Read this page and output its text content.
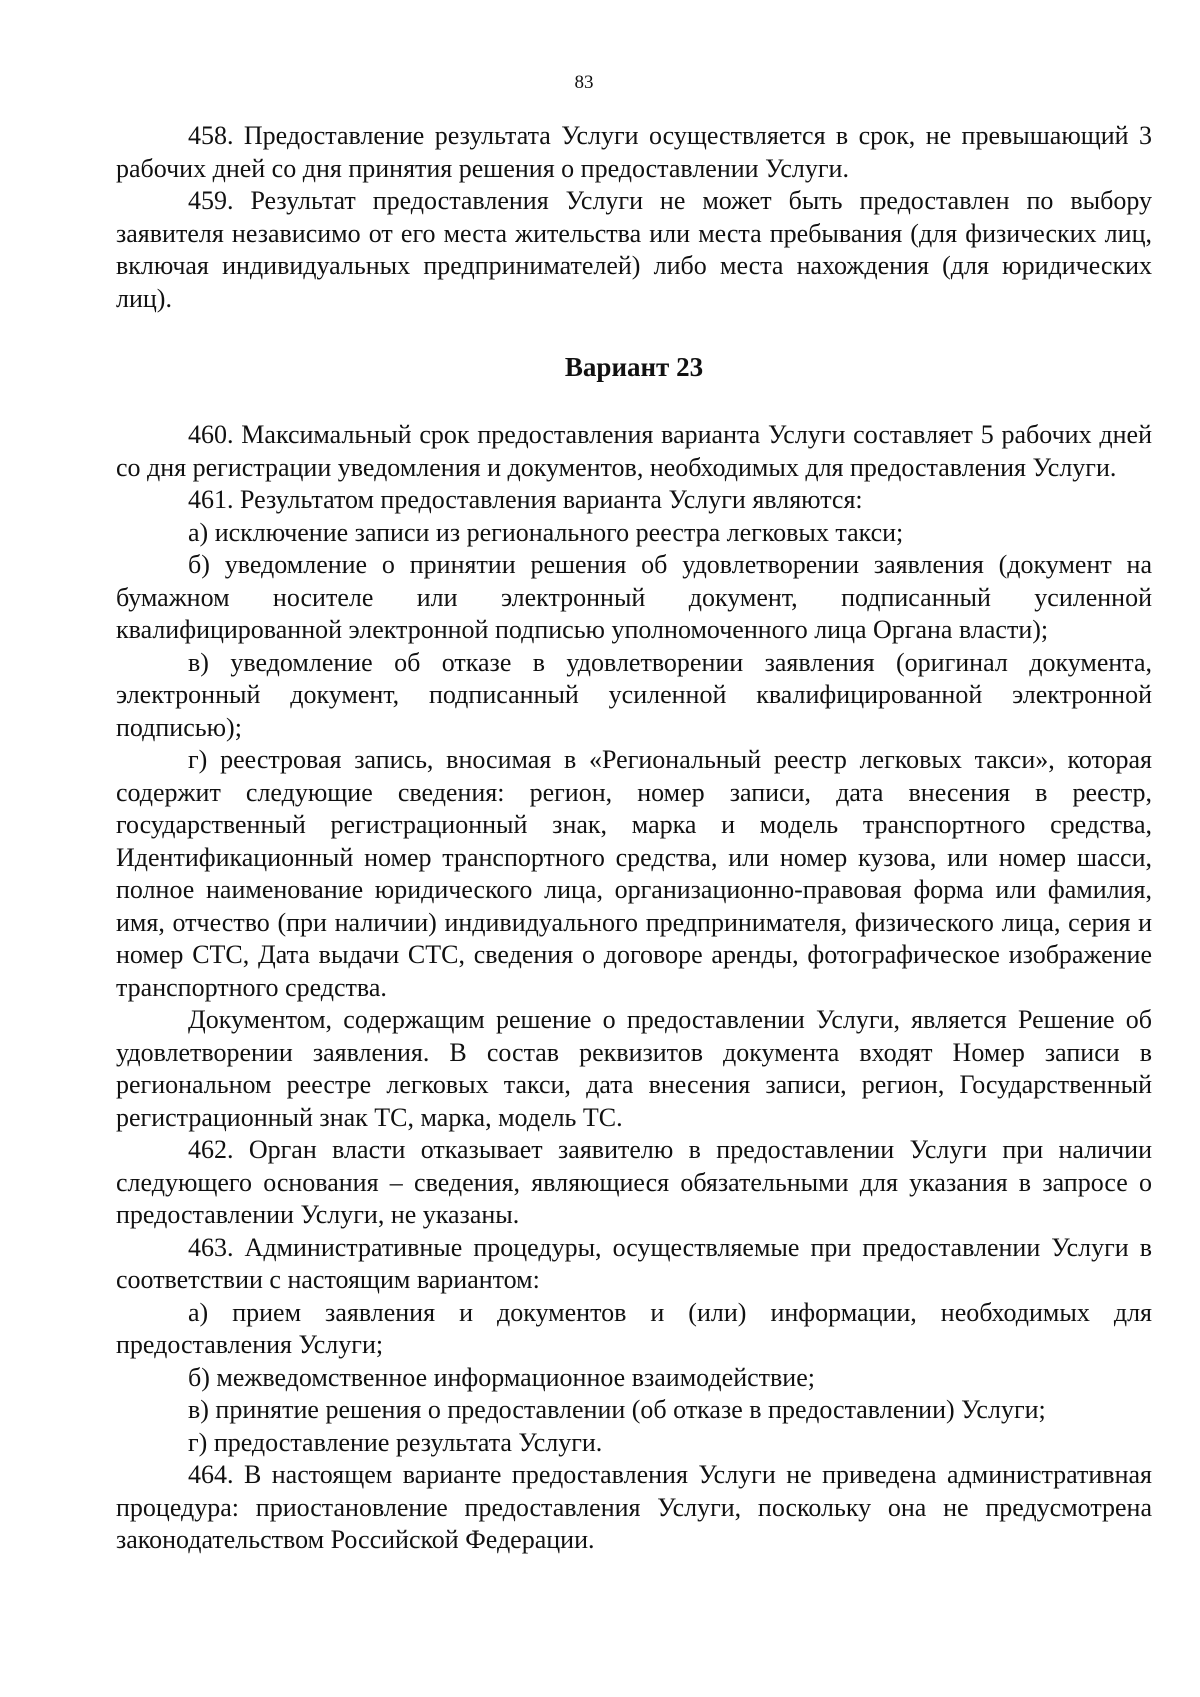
83

458. Предоставление результата Услуги осуществляется в срок, не превышающий 3 рабочих дней со дня принятия решения о предоставлении Услуги.

459. Результат предоставления Услуги не может быть предоставлен по выбору заявителя независимо от его места жительства или места пребывания (для физических лиц, включая индивидуальных предпринимателей) либо места нахождения (для юридических лиц).

Вариант 23

460. Максимальный срок предоставления варианта Услуги составляет 5 рабочих дней со дня регистрации уведомления и документов, необходимых для предоставления Услуги.

461. Результатом предоставления варианта Услуги являются:

а) исключение записи из регионального реестра легковых такси;

б) уведомление о принятии решения об удовлетворении заявления (документ на бумажном носителе или электронный документ, подписанный усиленной квалифицированной электронной подписью уполномоченного лица Органа власти);

в) уведомление об отказе в удовлетворении заявления (оригинал документа, электронный документ, подписанный усиленной квалифицированной электронной подписью);

г) реестровая запись, вносимая в «Региональный реестр легковых такси», которая содержит следующие сведения: регион, номер записи, дата внесения в реестр, государственный регистрационный знак, марка и модель транспортного средства, Идентификационный номер транспортного средства, или номер кузова, или номер шасси, полное наименование юридического лица, организационно-правовая форма или фамилия, имя, отчество (при наличии) индивидуального предпринимателя, физического лица, серия и номер СТС, Дата выдачи СТС, сведения о договоре аренды, фотографическое изображение транспортного средства.

Документом, содержащим решение о предоставлении Услуги, является Решение об удовлетворении заявления. В состав реквизитов документа входят Номер записи в региональном реестре легковых такси, дата внесения записи, регион, Государственный регистрационный знак ТС, марка, модель ТС.

462. Орган власти отказывает заявителю в предоставлении Услуги при наличии следующего основания – сведения, являющиеся обязательными для указания в запросе о предоставлении Услуги, не указаны.

463. Административные процедуры, осуществляемые при предоставлении Услуги в соответствии с настоящим вариантом:

а) прием заявления и документов и (или) информации, необходимых для предоставления Услуги;

б) межведомственное информационное взаимодействие;

в) принятие решения о предоставлении (об отказе в предоставлении) Услуги;

г) предоставление результата Услуги.

464. В настоящем варианте предоставления Услуги не приведена административная процедура: приостановление предоставления Услуги, поскольку она не предусмотрена законодательством Российской Федерации.
